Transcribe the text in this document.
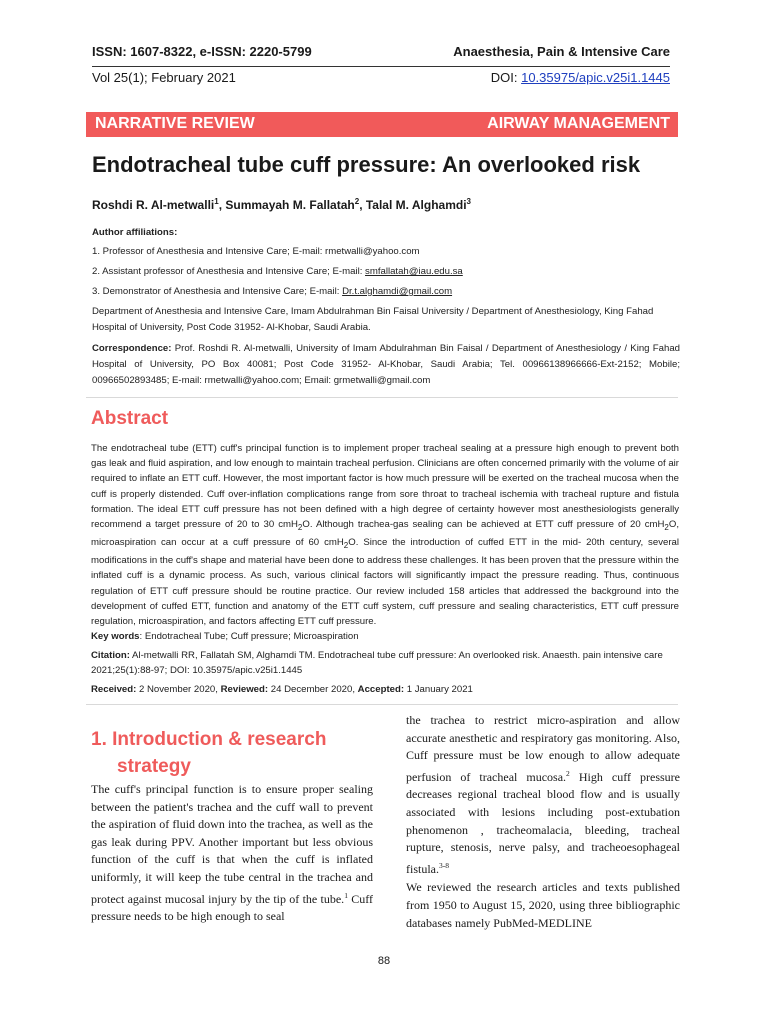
ISSN: 1607-8322, e-ISSN: 2220-5799	Anaesthesia, Pain & Intensive Care
Vol 25(1); February 2021	DOI: 10.35975/apic.v25i1.1445
NARRATIVE REVIEW	AIRWAY MANAGEMENT
Endotracheal tube cuff pressure: An overlooked risk
Roshdi R. Al-metwalli$^1$, Summayah M. Fallatah$^2$, Talal M. Alghamdi$^3$
Author affiliations:
1. Professor of Anesthesia and Intensive Care; E-mail: rmetwalli@yahoo.com
2. Assistant professor of Anesthesia and Intensive Care; E-mail: smfallatah@iau.edu.sa
3. Demonstrator of Anesthesia and Intensive Care; E-mail: Dr.t.alghamdi@gmail.com
Department of Anesthesia and Intensive Care, Imam Abdulrahman Bin Faisal University / Department of Anesthesiology, King Fahad Hospital of University, Post Code 31952- Al-Khobar, Saudi Arabia.
Correspondence: Prof. Roshdi R. Al-metwalli, University of Imam Abdulrahman Bin Faisal / Department of Anesthesiology / King Fahad Hospital of University, PO Box 40081; Post Code 31952- Al-Khobar, Saudi Arabia; Tel. 00966138966666-Ext-2152; Mobile; 00966502893485; E-mail: rmetwalli@yahoo.com; Email: grmetwalli@gmail.com
Abstract
The endotracheal tube (ETT) cuff's principal function is to implement proper tracheal sealing at a pressure high enough to prevent both gas leak and fluid aspiration, and low enough to maintain tracheal perfusion. Clinicians are often concerned primarily with the volume of air required to inflate an ETT cuff. However, the most important factor is how much pressure will be exerted on the tracheal mucosa when the cuff is properly distended. Cuff over-inflation complications range from sore throat to tracheal ischemia with tracheal rupture and fistula formation. The ideal ETT cuff pressure has not been defined with a high degree of certainty however most anesthesiologists generally recommend a target pressure of 20 to 30 cmH$_2$O. Although trachea-gas sealing can be achieved at ETT cuff pressure of 20 cmH$_2$O, microaspiration can occur at a cuff pressure of 60 cmH$_2$O. Since the introduction of cuffed ETT in the mid- 20th century, several modifications in the cuff's shape and material have been done to address these challenges. It has been proven that the pressure within the inflated cuff is a dynamic process. As such, various clinical factors will significantly impact the pressure reading. Thus, continuous regulation of ETT cuff pressure should be routine practice. Our review included 158 articles that addressed the background into the development of cuffed ETT, function and anatomy of the ETT cuff system, cuff pressure and sealing characteristics, ETT cuff pressure regulation, microaspiration, and factors affecting ETT cuff pressure.
Key words: Endotracheal Tube; Cuff pressure; Microaspiration
Citation: Al-metwalli RR, Fallatah SM, Alghamdi TM. Endotracheal tube cuff pressure: An overlooked risk. Anaesth. pain intensive care 2021;25(1):88-97; DOI: 10.35975/apic.v25i1.1445
Received: 2 November 2020, Reviewed: 24 December 2020, Accepted: 1 January 2021
1. Introduction & research
strategy
The cuff's principal function is to ensure proper sealing between the patient's trachea and the cuff wall to prevent the aspiration of fluid down into the trachea, as well as the gas leak during PPV. Another important but less obvious function of the cuff is that when the cuff is inflated uniformly, it will keep the tube central in the trachea and protect against mucosal injury by the tip of the tube.$^1$ Cuff pressure needs to be high enough to seal

the trachea to restrict micro-aspiration and allow accurate anesthetic and respiratory gas monitoring. Also, Cuff pressure must be low enough to allow adequate perfusion of tracheal mucosa.$^2$ High cuff pressure decreases regional tracheal blood flow and is usually associated with lesions including post-extubation phenomenon , tracheomalacia, bleeding, tracheal rupture, stenosis, nerve palsy, and tracheoesophageal fistula.$^{3-8}$

We reviewed the research articles and texts published from 1950 to August 15, 2020, using three bibliographic databases namely PubMed-MEDLINE

88
